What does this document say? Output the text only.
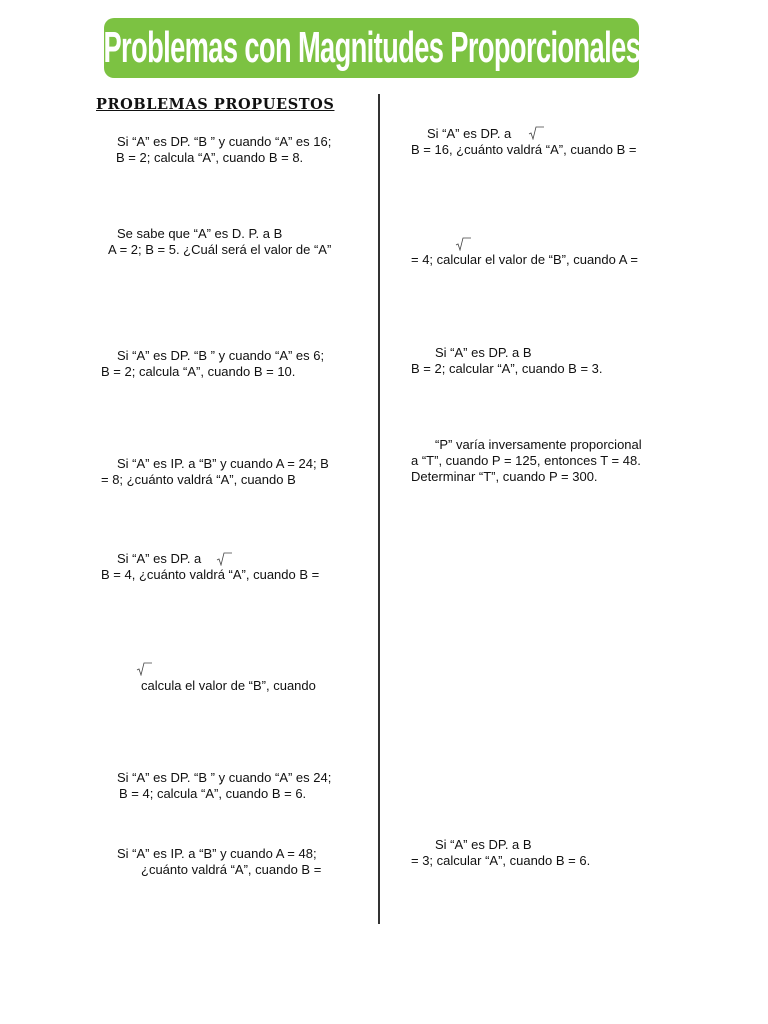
Problemas con Magnitudes Proporcionales
PROBLEMAS PROPUESTOS
Si “A” es DP. “B ” y cuando “A” es 16;
B = 2; calcula “A”, cuando B = 8.
Se sabe que “A” es D. P. a B
A = 2; B = 5. ¿Cuál será el valor de “A”
Si “A” es DP. “B ” y cuando “A” es 6;
B = 2; calcula “A”, cuando B = 10.
Si “A” es IP. a “B” y cuando A = 24; B
= 8; ¿cuánto valdrá “A”, cuando B
Si “A” es DP. a
B = 4, ¿cuánto valdrá “A”, cuando B =
calcula el valor de “B”, cuando
Si “A” es DP. “B ” y cuando “A” es 24;
B = 4; calcula “A”, cuando B = 6.
Si “A” es IP. a “B” y cuando A = 48;
¿cuánto valdrá “A”, cuando B =
Si “A” es DP. a
B = 16, ¿cuánto valdrá “A”, cuando B =
= 4; calcular el valor de “B”, cuando A =
Si “A” es DP. a B
B = 2; calcular “A”, cuando B = 3.
“P” varía inversamente proporcional
a “T”, cuando P = 125, entonces T = 48.
Determinar “T”, cuando P = 300.
Si “A” es DP. a B
= 3; calcular “A”, cuando B = 6.
